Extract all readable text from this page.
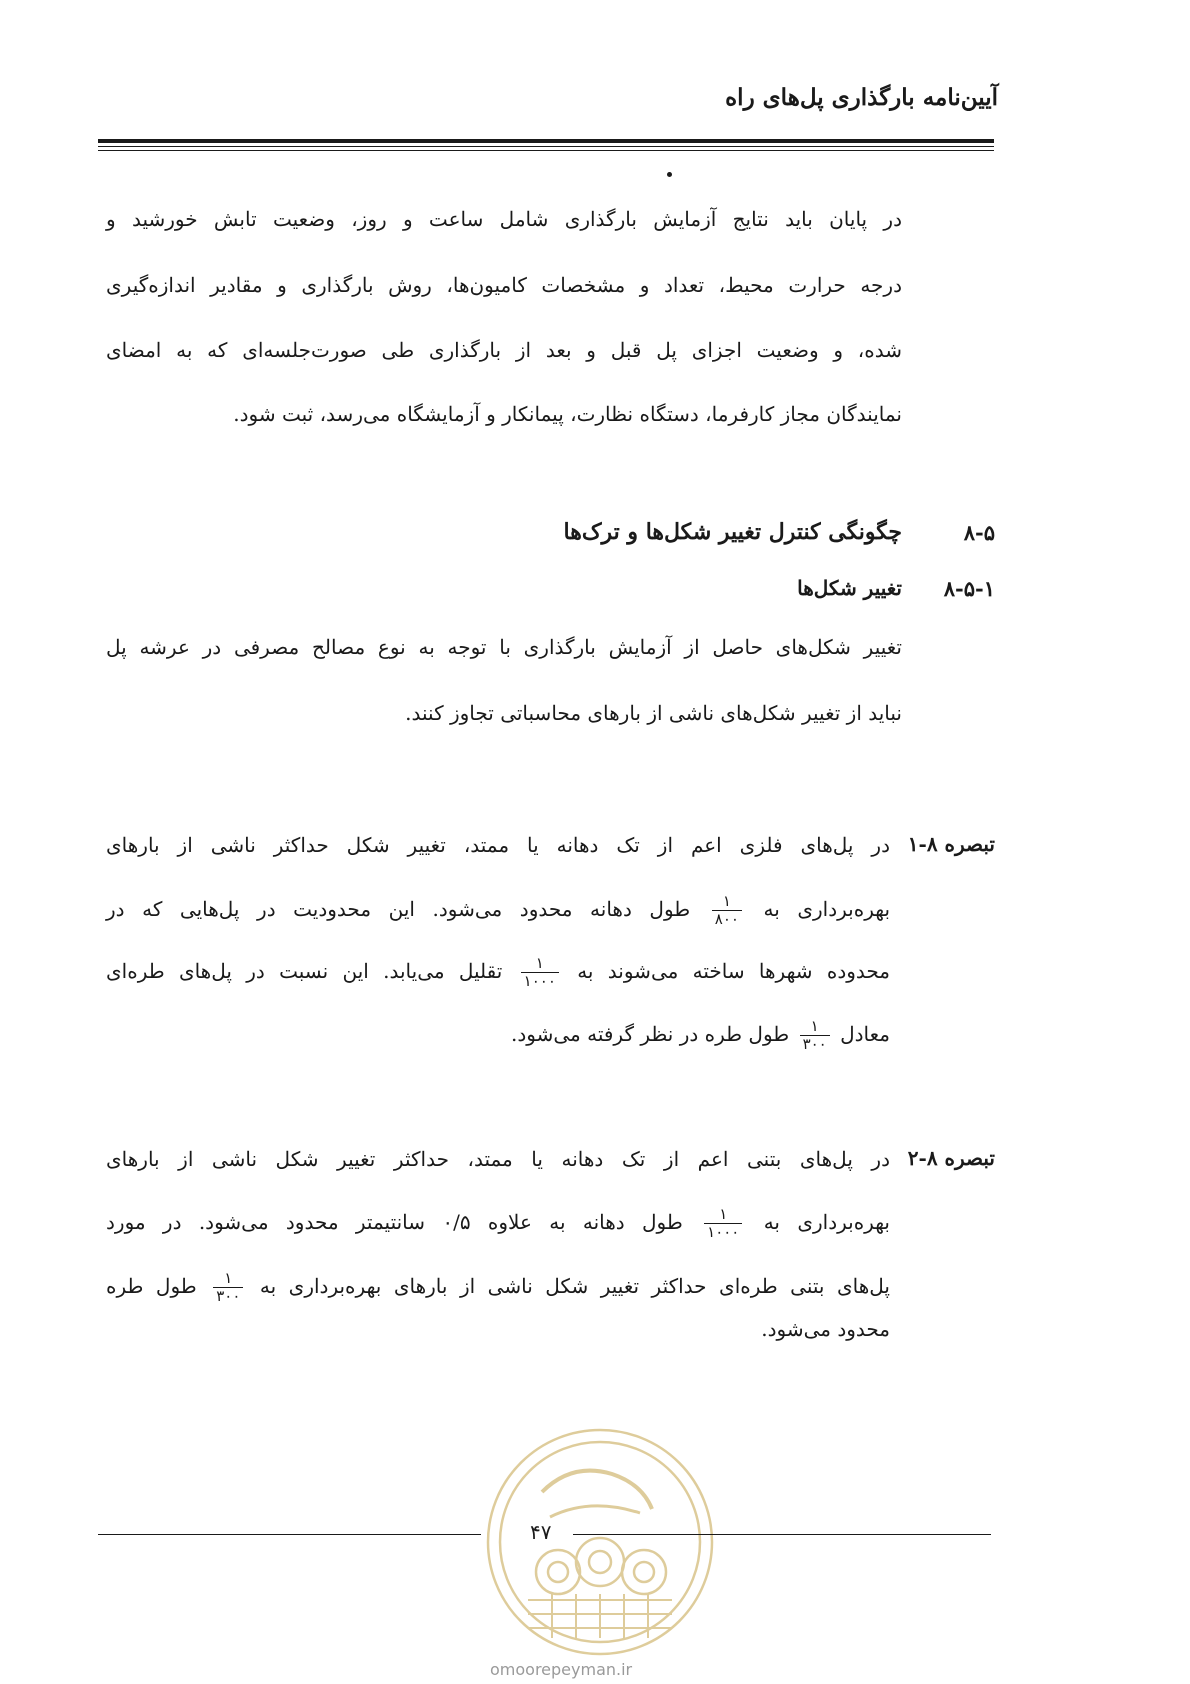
آیین‌نامه بارگذاری پل‌های راه
در پایان باید نتایج آزمایش بارگذاری شامل ساعت و روز، وضعیت تابش خورشید و
درجه حرارت محیط، تعداد و مشخصات کامیون‌ها، روش بارگذاری و مقادیر اندازه‌گیری
شده، و وضعیت اجزای پل قبل و بعد از بارگذاری طی صورت‌جلسه‌ای که به امضای
نمایندگان مجاز کارفرما، دستگاه نظارت، پیمانکار و آزمایشگاه می‌رسد، ثبت شود.
۸-۵
چگونگی کنترل تغییر شکل‌ها و ترک‌ها
۸-۵-۱
تغییر شکل‌ها
تغییر شکل‌های حاصل از آزمایش بارگذاری با توجه به نوع مصالح مصرفی در عرشه پل
نباید از تغییر شکل‌های ناشی از بارهای محاسباتی تجاوز کنند.
تبصره ۸-۱
در پل‌های فلزی اعم از تک دهانه یا ممتد، تغییر شکل حداکثر ناشی از بارهای
بهره‌برداری به
$\frac{۱}{۸۰۰}$
طول دهانه محدود می‌شود. این محدودیت در پل‌هایی که در
محدوده شهرها ساخته می‌شوند به
$\frac{۱}{۱۰۰۰}$
تقلیل می‌یابد. این نسبت در پل‌های طره‌ای
معادل
$\frac{۱}{۳۰۰}$
طول طره در نظر گرفته می‌شود.
تبصره ۸-۲
در پل‌های بتنی اعم از تک دهانه یا ممتد، حداکثر تغییر شکل ناشی از بارهای
بهره‌برداری به
$\frac{۱}{۱۰۰۰}$
طول دهانه به علاوه ۰/۵ سانتیمتر محدود می‌شود. در مورد
پل‌های بتنی طره‌ای حداکثر تغییر شکل ناشی از بارهای بهره‌برداری به
$\frac{۱}{۳۰۰}$
طول طره
محدود می‌شود.
۴۷
omoorepeyman.ir
